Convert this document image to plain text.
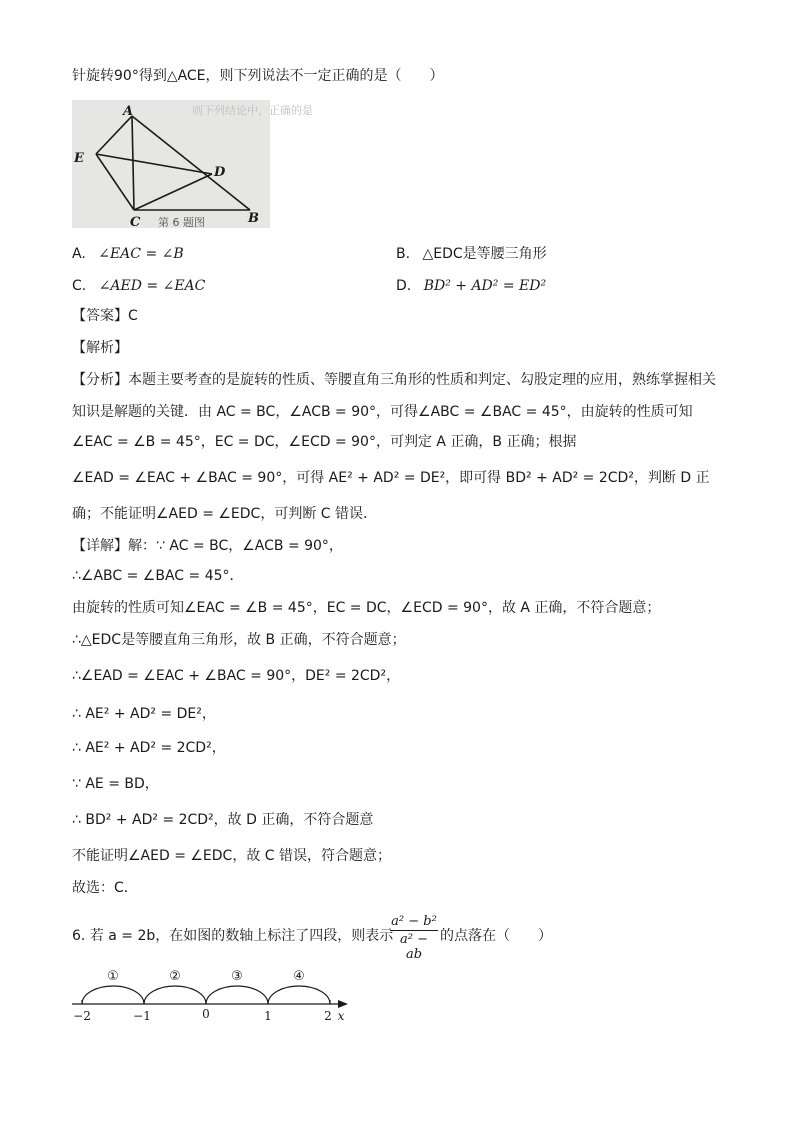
针旋转90°得到△ACE，则下列说法不一定正确的是（　　）
则下列结论中，正确的是
A
E
D
C	B
第 6 题图
A. ∠EAC = ∠B	B. △EDC是等腰三角形
C. ∠AED = ∠EAC	D. BD² + AD² = ED²
【答案】C
【解析】
【分析】本题主要考查的是旋转的性质、等腰直角三角形的性质和判定、勾股定理的应用，熟练掌握相关
知识是解题的关键．由 AC = BC，∠ACB = 90°，可得∠ABC = ∠BAC = 45°，由旋转的性质可知
∠EAC = ∠B = 45°，EC = DC，∠ECD = 90°，可判定 A 正确，B 正确；根据
∠EAD = ∠EAC + ∠BAC = 90°，可得 AE² + AD² = DE²，即可得 BD² + AD² = 2CD²，判断 D 正
确；不能证明∠AED = ∠EDC，可判断 C 错误．
【详解】解：∵ AC = BC，∠ACB = 90°，
∴∠ABC = ∠BAC = 45°．
由旋转的性质可知∠EAC = ∠B = 45°，EC = DC，∠ECD = 90°，故 A 正确，不符合题意；
∴△EDC是等腰直角三角形，故 B 正确，不符合题意；
∴∠EAD = ∠EAC + ∠BAC = 90°，DE² = 2CD²，
∴ AE² + AD² = DE²，
∴ AE² + AD² = 2CD²，
∵ AE = BD，
∴ BD² + AD² = 2CD²，故 D 正确，不符合题意
不能证明∠AED = ∠EDC，故 C 错误，符合题意；
故选：C．
6. 若 a = 2b，在如图的数轴上标注了四段，则表示
$\frac{\text{a² − b²}}{\text{a² − ab}}$ 的点落在（　　）
①	②	③	④
−2	−1	0	1	2 x
